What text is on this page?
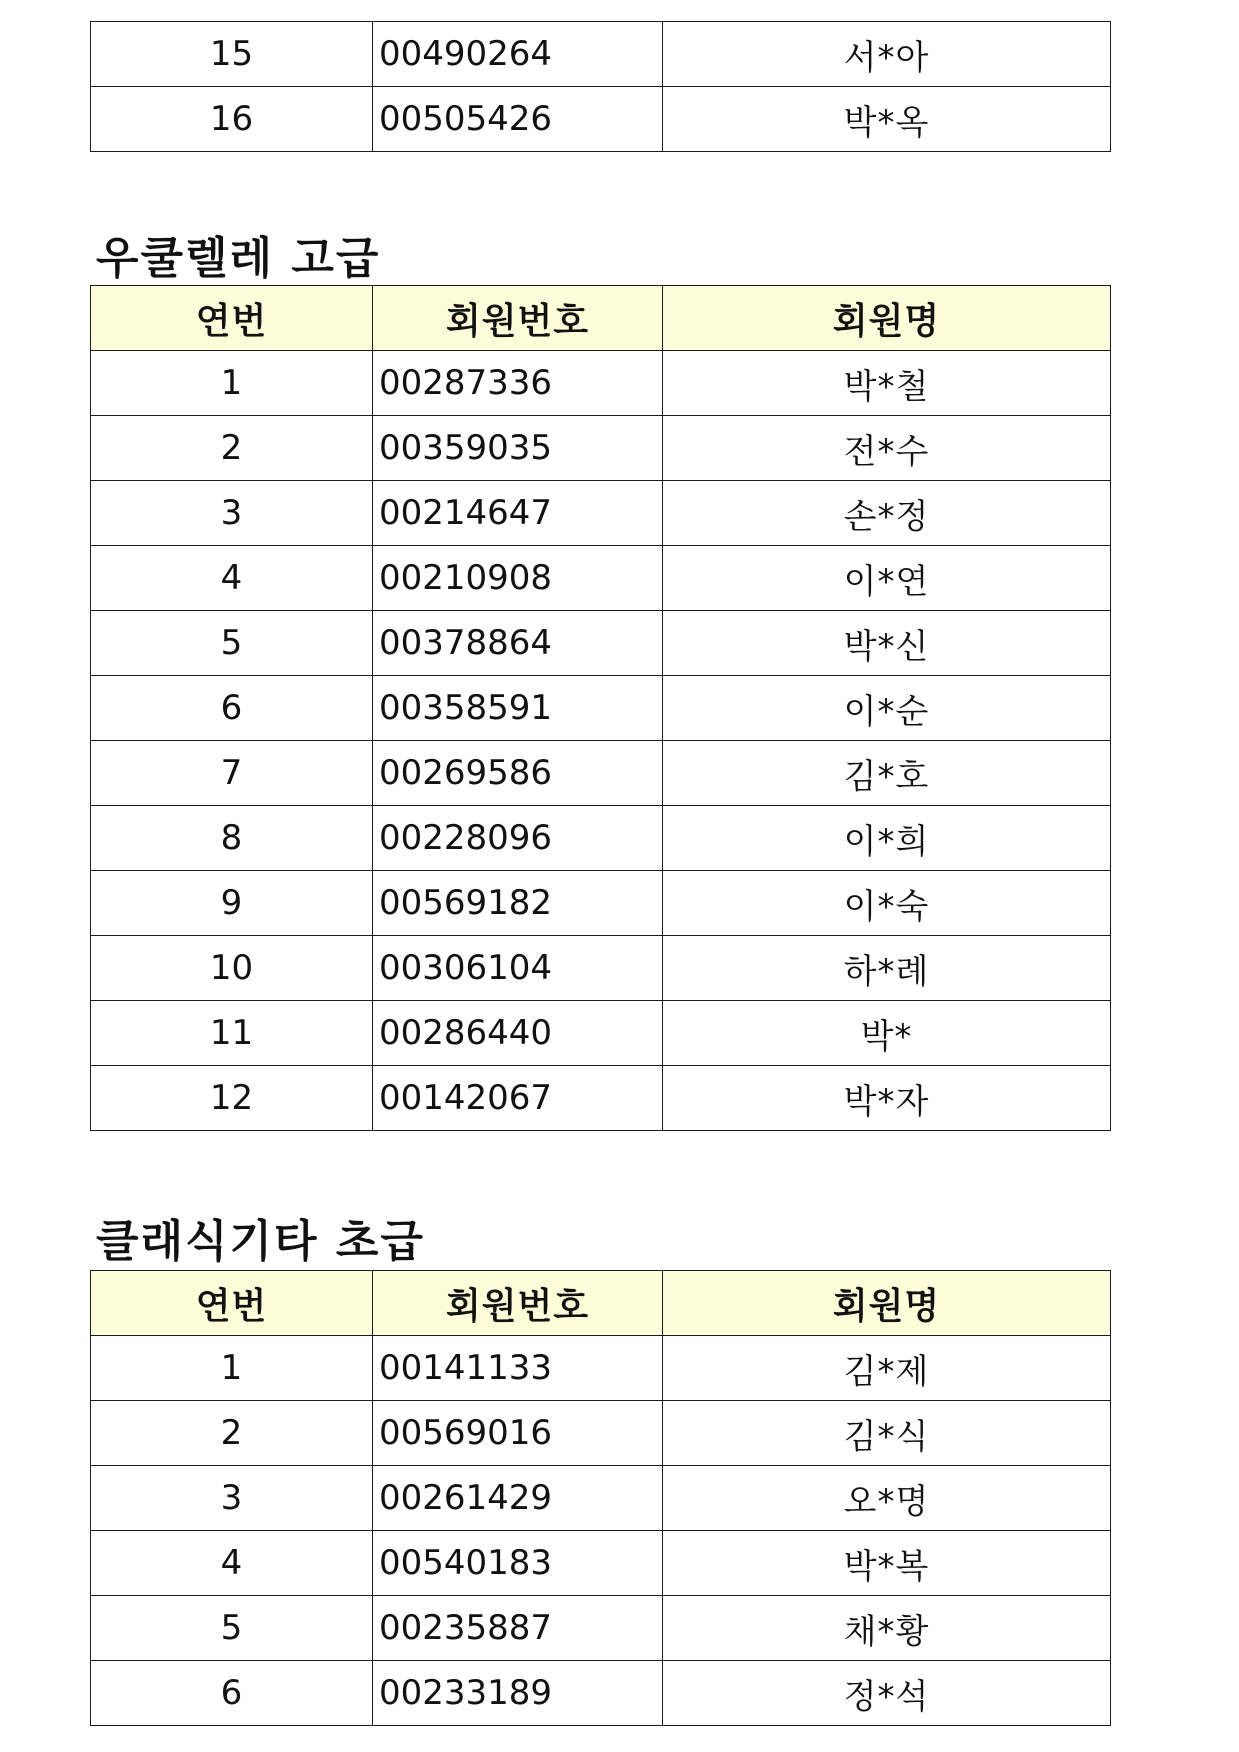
15	00490264	서*아
16	00505426	박*옥
우쿨렐레 고급
연번	회원번호	회원명
1	00287336	박*철
2	00359035	전*수
3	00214647	손*정
4	00210908	이*연
5	00378864	박*신
6	00358591	이*순
7	00269586	김*호
8	00228096	이*희
9	00569182	이*숙
10	00306104	하*례
11	00286440	박*
12	00142067	박*자
클래식기타 초급
연번	회원번호	회원명
1	00141133	김*제
2	00569016	김*식
3	00261429	오*명
4	00540183	박*복
5	00235887	채*황
6	00233189	정*석
